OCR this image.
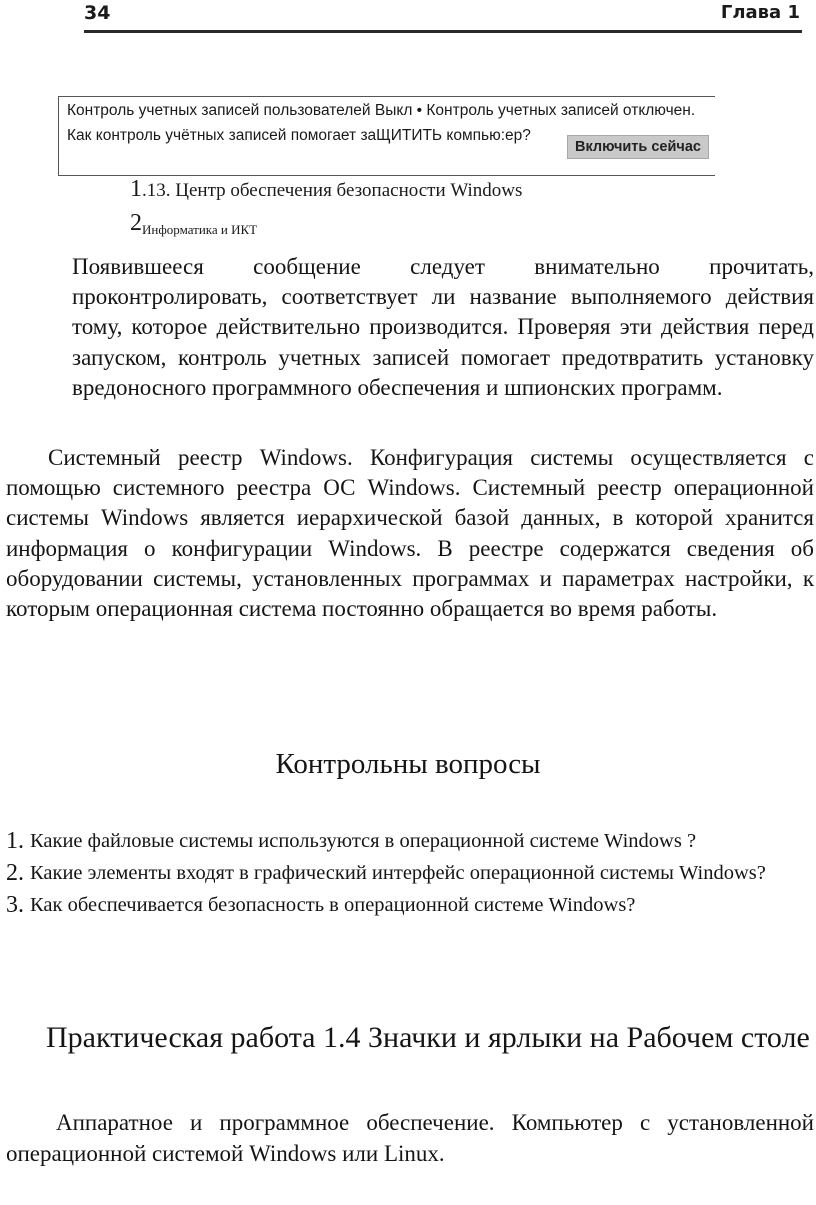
34	Глава 1
Контроль учетных записей пользователей Выкл • Контроль учетных записей отключен.
Как контроль учётных записей помогает заЩИТИТЬ компью:ер?
Включить сейчас
1.13. Центр обеспечения безопасности Windows
$2_{Информатика и ИКТ}$

Появившееся сообщение следует внимательно прочитать, проконтролировать, соответствует ли название выполняемого действия тому, которое действительно производится. Проверяя эти действия перед запуском, контроль учетных записей помогает предотвратить установку вредоносного программного обеспечения и шпионских программ.

Системный реестр Windows. Конфигурация системы осуществляется с помощью системного реестра ОС Windows. Системный реестр операционной системы Windows является иерархической базой данных, в которой хранится информация о конфигурации Windows. В реестре содержатся сведения об оборудовании системы, установленных программах и параметрах настройки, к которым операционная система постоянно обращается во время работы.

Контрольны вопросы
1. Какие файловые системы используются в операционной системе Windows ?
2. Какие элементы входят в графический интерфейс операционной системы Windows?
3. Как обеспечивается безопасность в операционной системе Windows?
Практическая работа 1.4 Значки и ярлыки на Рабочем столе

Аппаратное и программное обеспечение. Компьютер с установленной операционной системой Windows или Linux.
